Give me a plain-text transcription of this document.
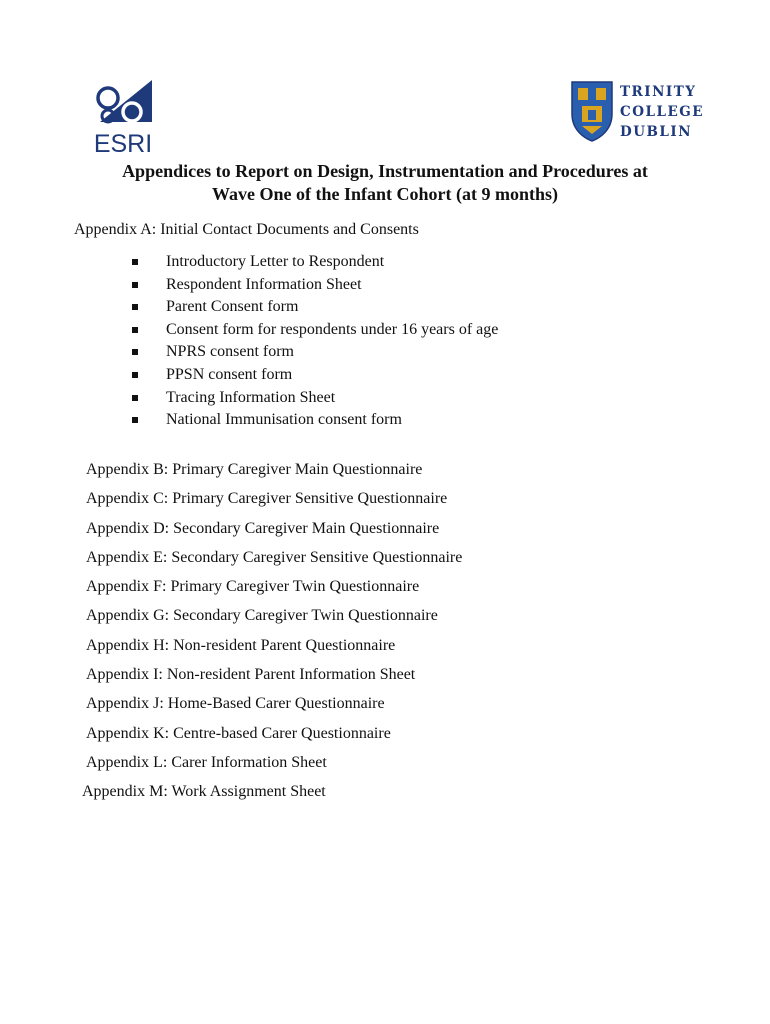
ESRI
TRINITY
COLLEGE
DUBLIN
Appendices to Report on Design, Instrumentation and Procedures at
Wave One of the Infant Cohort (at 9 months)

Appendix A: Initial Contact Documents and Consents

Introductory Letter to Respondent
Respondent Information Sheet
Parent Consent form
Consent form for respondents under 16 years of age
NPRS consent form
PPSN consent form
Tracing Information Sheet
National Immunisation consent form
Appendix B: Primary Caregiver Main Questionnaire
Appendix C: Primary Caregiver Sensitive Questionnaire
Appendix D: Secondary Caregiver Main Questionnaire
Appendix E: Secondary Caregiver Sensitive Questionnaire
Appendix F: Primary Caregiver Twin Questionnaire
Appendix G: Secondary Caregiver Twin Questionnaire
Appendix H: Non-resident Parent Questionnaire
Appendix I: Non-resident Parent Information Sheet
Appendix J: Home-Based Carer Questionnaire
Appendix K: Centre-based Carer Questionnaire
Appendix L: Carer Information Sheet
Appendix M: Work Assignment Sheet
